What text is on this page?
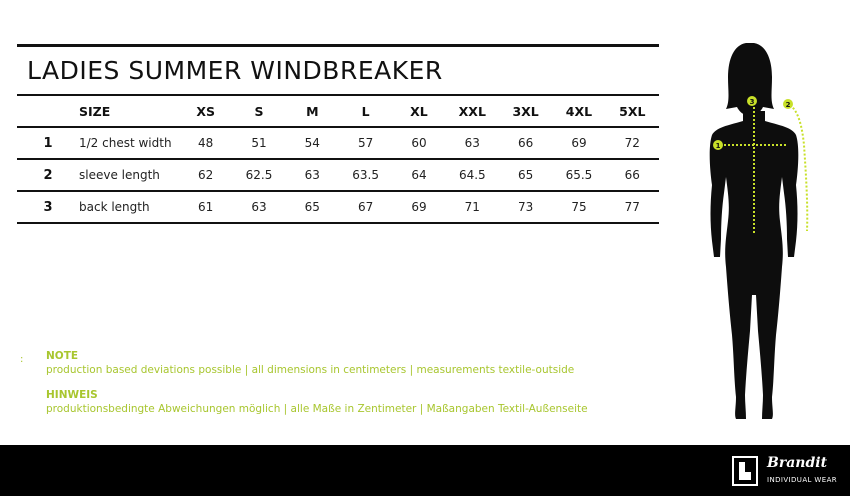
LADIES SUMMER WINDBREAKER
	SIZE	XS	S	M	L	XL	XXL	3XL	4XL	5XL
1	1/2 chest width	48	51	54	57	60	63	66	69	72
2	sleeve length	62	62.5	63	63.5	64	64.5	65	65.5	66
3	back length	61	63	65	67	69	71	73	75	77
: NOTE
production based deviations possible | all dimensions in centimeters | measurements textile-outside
HINWEIS
produktionsbedingte Abweichungen möglich | alle Maße in Zentimeter | Maßangaben Textil-Außenseite
1
2
3
Brandit
INDIVIDUAL WEAR
